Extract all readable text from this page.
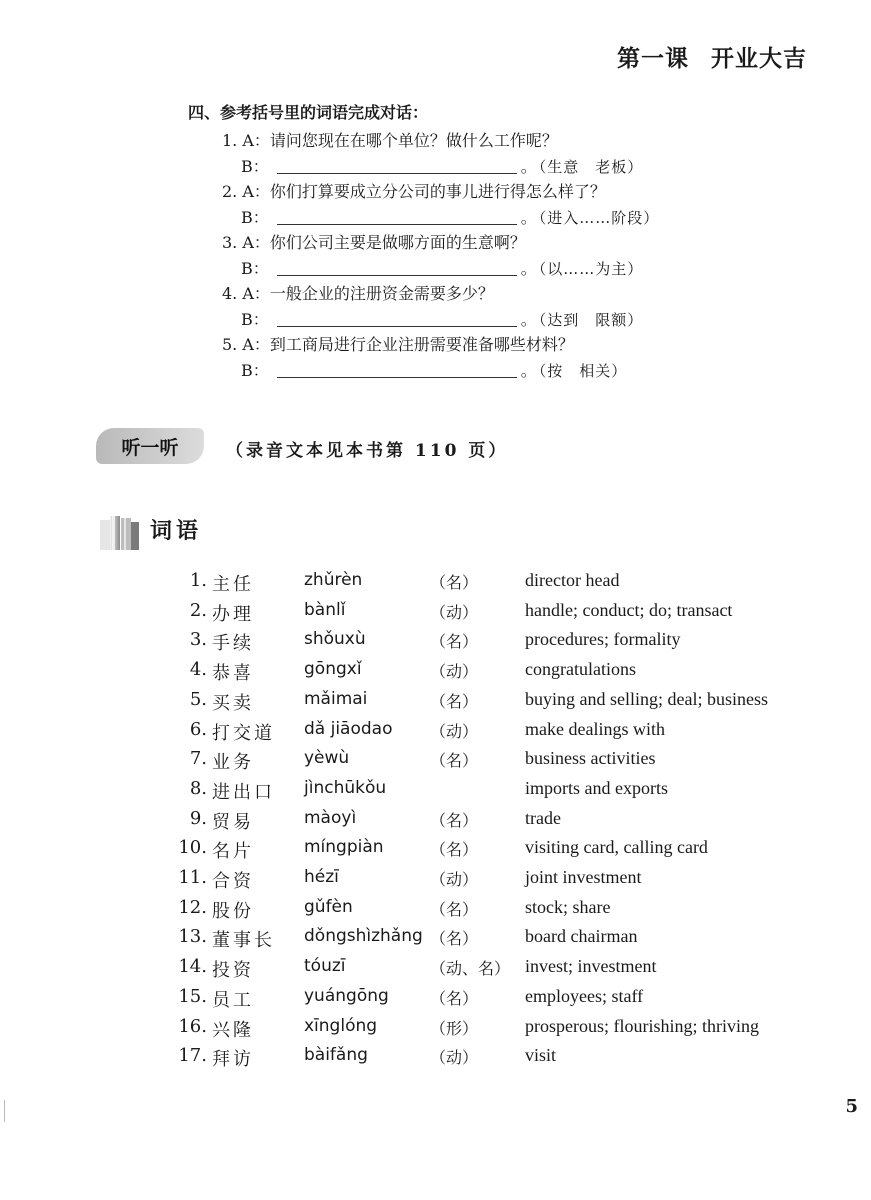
第一课 开业大吉
四、参考括号里的词语完成对话：
1. A：请问您现在在哪个单位？做什么工作呢？
B：	。 （生意　老板）
2. A：你们打算要成立分公司的事儿进行得怎么样了？
B：	。 （进入……阶段）
3. A：你们公司主要是做哪方面的生意啊？
B：	。 （以……为主）
4. A：一般企业的注册资金需要多少？
B：	。 （达到　限额）
5. A：到工商局进行企业注册需要准备哪些材料？
B：	。 （按　相关）
听一听	（录音文本见本书第 110 页）
词语
1. 主任	zhǔrèn	（名）	director head
2. 办理	bànlǐ	（动）	handle; conduct; do; transact
3. 手续	shǒuxù	（名）	procedures; formality
4. 恭喜	gōngxǐ	（动）	congratulations
5. 买卖	mǎimai	（名）	buying and selling; deal; business
6. 打交道 dǎ jiāodao （动）	make dealings with
7. 业务	yèwù	（名）	business activities
8. 进出口 jìnchūkǒu	imports and exports
9. 贸易	màoyì	（名）	trade
10. 名片	míngpiàn	（名）	visiting card, calling card
11. 合资	hézī	（动）	joint investment
12. 股份	gǔfèn	（名）	stock; share
13. 董事长 dǒngshìzhǎng （名）	board chairman
14. 投资	tóuzī	（动、名） invest; investment
15. 员工	yuángōng	（名）	employees; staff
16. 兴隆	xīnglóng	（形）	prosperous; flourishing; thriving
17. 拜访	bàifǎng	（动）	visit
5
